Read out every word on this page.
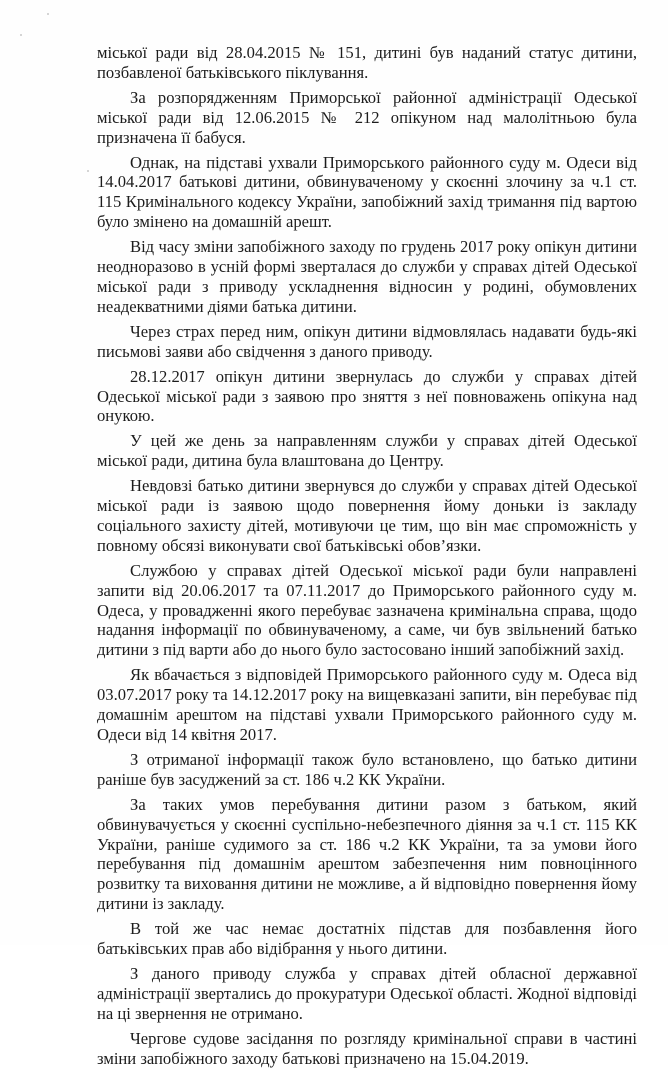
міської ради від 28.04.2015 № 151, дитині був наданий статус дитини, позбавленої батьківського піклування.

За розпорядженням Приморської районної адміністрації Одеської міської ради від 12.06.2015 № 212 опікуном над малолітньою була призначена її бабуся.

Однак, на підставі ухвали Приморського районного суду м. Одеси від 14.04.2017 батькові дитини, обвинуваченому у скоєнні злочину за ч.1 ст. 115 Кримінального кодексу України, запобіжний захід тримання під вартою було змінено на домашній арешт.

Від часу зміни запобіжного заходу по грудень 2017 року опікун дитини неодноразово в усній формі зверталася до служби у справах дітей Одеської міської ради з приводу ускладнення відносин у родині, обумовлених неадекватними діями батька дитини.

Через страх перед ним, опікун дитини відмовлялась надавати будь-які письмові заяви або свідчення з даного приводу.

28.12.2017 опікун дитини звернулась до служби у справах дітей Одеської міської ради з заявою про зняття з неї повноважень опікуна над онукою.

У цей же день за направленням служби у справах дітей Одеської міської ради, дитина була влаштована до Центру.

Невдовзі батько дитини звернувся до служби у справах дітей Одеської міської ради із заявою щодо повернення йому доньки із закладу соціального захисту дітей, мотивуючи це тим, що він має спроможність у повному обсязі виконувати свої батьківські обов’язки.

Службою у справах дітей Одеської міської ради були направлені запити від 20.06.2017 та 07.11.2017 до Приморського районного суду м. Одеса, у провадженні якого перебуває зазначена кримінальна справа, щодо надання інформації по обвинуваченому, а саме, чи був звільнений батько дитини з під варти або до нього було застосовано інший запобіжний захід.

Як вбачається з відповідей Приморського районного суду м. Одеса від 03.07.2017 року та 14.12.2017 року на вищевказані запити, він перебуває під домашнім арештом на підставі ухвали Приморського районного суду м. Одеси від 14 квітня 2017.

З отриманої інформації також було встановлено, що батько дитини раніше був засуджений за ст. 186 ч.2 КК України.

За таких умов перебування дитини разом з батьком, який обвинувачується у скоєнні суспільно-небезпечного діяння за ч.1 ст. 115 КК України, раніше судимого за ст. 186 ч.2 КК України, та за умови його перебування під домашнім арештом забезпечення ним повноцінного розвитку та виховання дитини не можливе, а й відповідно повернення йому дитини із закладу.

В той же час немає достатніх підстав для позбавлення його батьківських прав або відібрання у нього дитини.

З даного приводу служба у справах дітей обласної державної адміністрації звертались до прокуратури Одеської області. Жодної відповіді на ці звернення не отримано.

Чергове судове засідання по розгляду кримінальної справи в частині зміни запобіжного заходу батькові призначено на 15.04.2019.
